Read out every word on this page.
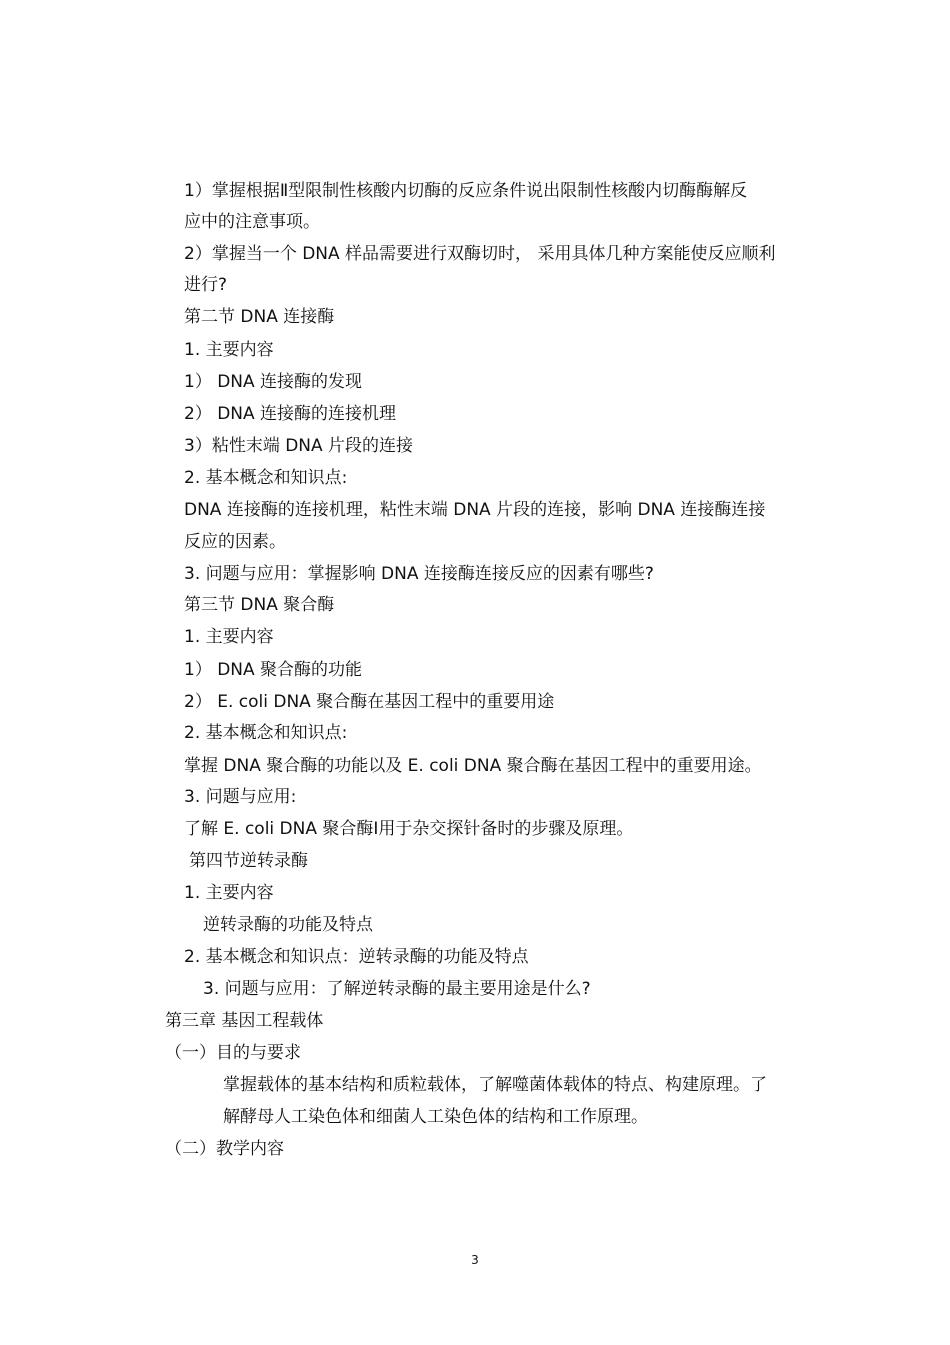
1）掌握根据Ⅱ型限制性核酸内切酶的反应条件说出限制性核酸内切酶酶解反
应中的注意事项。
2）掌握当一个 DNA 样品需要进行双酶切时， 采用具体几种方案能使反应顺利
进行?
第二节 DNA 连接酶
1. 主要内容
1） DNA 连接酶的发现
2） DNA 连接酶的连接机理
3）粘性末端 DNA 片段的连接
2. 基本概念和知识点:
DNA 连接酶的连接机理，粘性末端 DNA 片段的连接，影响 DNA 连接酶连接
反应的因素。
3. 问题与应用：掌握影响 DNA 连接酶连接反应的因素有哪些?
第三节 DNA 聚合酶
1. 主要内容
1） DNA 聚合酶的功能
2） E. coli DNA 聚合酶在基因工程中的重要用途
2. 基本概念和知识点:
掌握 DNA 聚合酶的功能以及 E. coli DNA 聚合酶在基因工程中的重要用途。
3. 问题与应用:
了解 E. coli DNA 聚合酶Ⅰ用于杂交探针备时的步骤及原理。
第四节逆转录酶
1. 主要内容
逆转录酶的功能及特点
2. 基本概念和知识点：逆转录酶的功能及特点
3. 问题与应用：了解逆转录酶的最主要用途是什么?
第三章 基因工程载体
（一）目的与要求
掌握载体的基本结构和质粒载体，了解噬菌体载体的特点、构建原理。了
解酵母人工染色体和细菌人工染色体的结构和工作原理。
（二）教学内容
3
